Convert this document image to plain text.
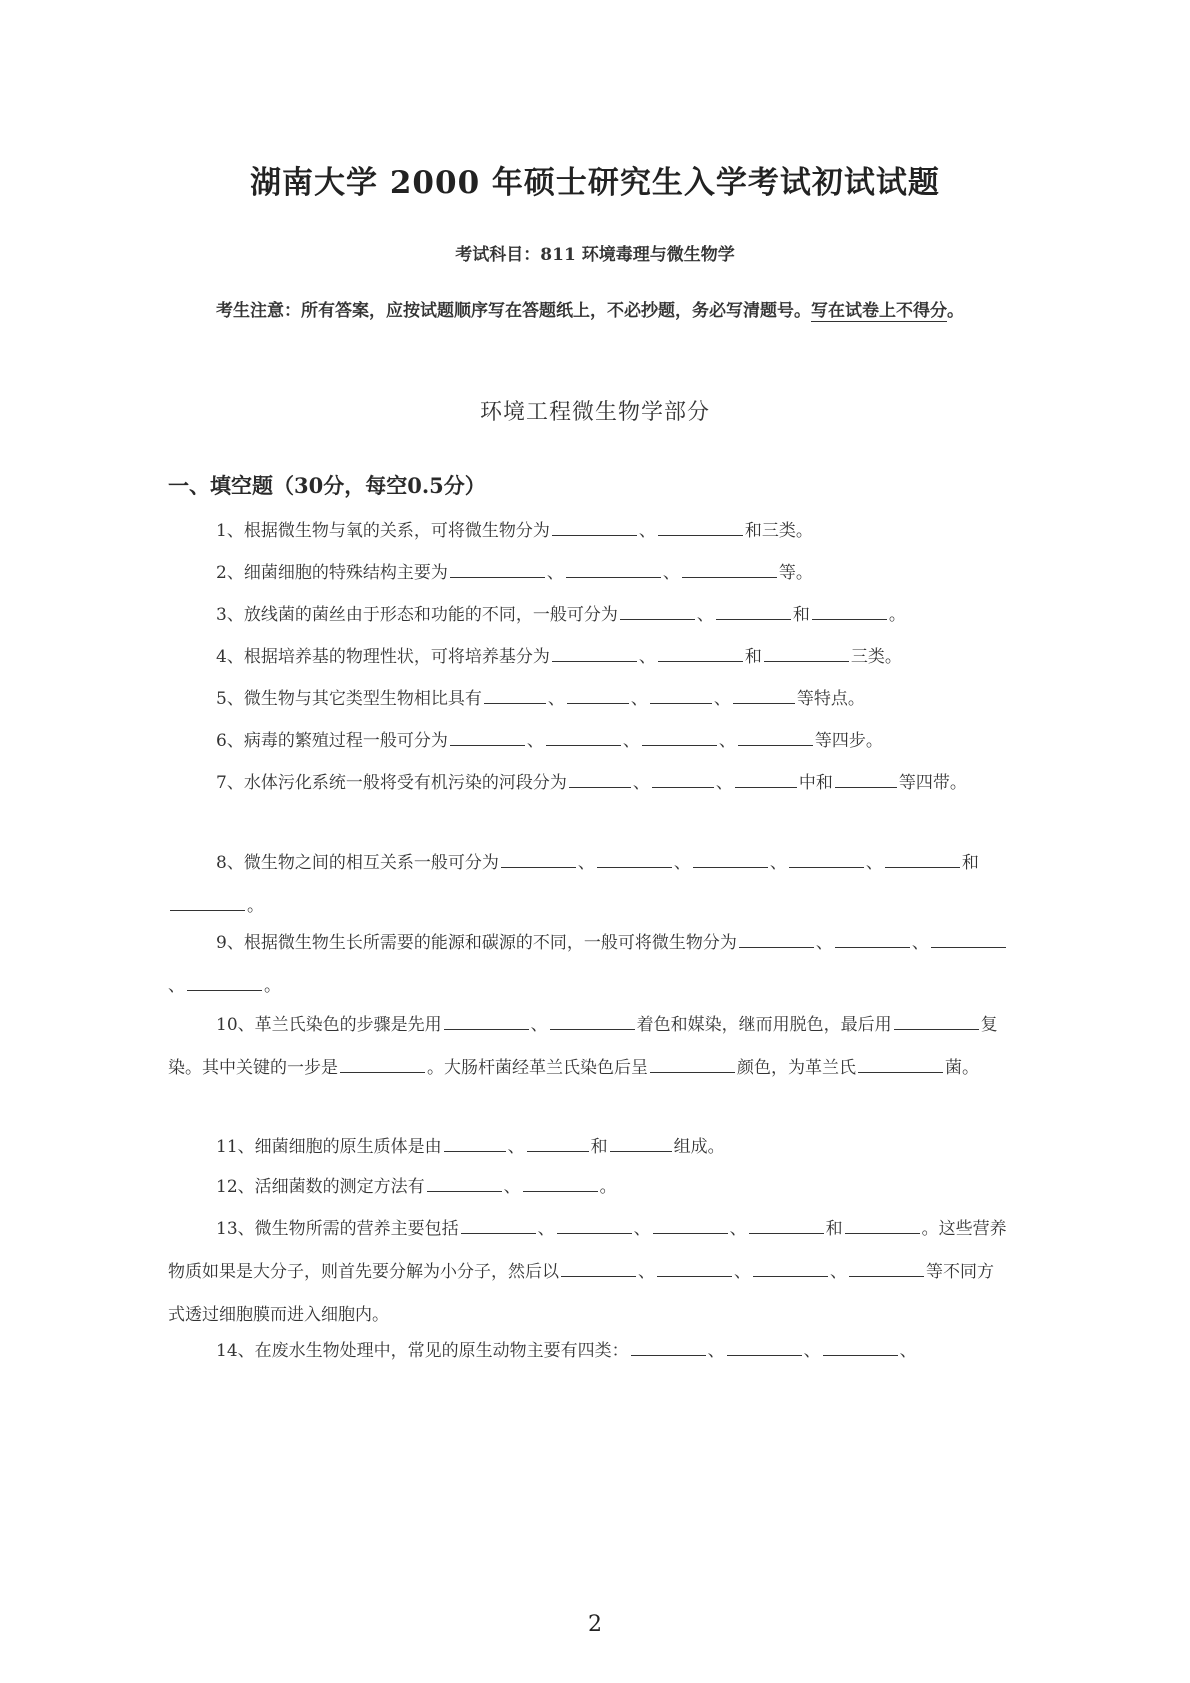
湖南大学 2000 年硕士研究生入学考试初试试题
考试科目：811 环境毒理与微生物学
考生注意：所有答案，应按试题顺序写在答题纸上，不必抄题，务必写清题号。写在试卷上不得分。
环境工程微生物学部分
一、填空题（30分，每空0.5分）
1、根据微生物与氧的关系，可将微生物分为	、	和三类。
2、细菌细胞的特殊结构主要为	、	、	等。
3、放线菌的菌丝由于形态和功能的不同，一般可分为	、	和	。
4、根据培养基的物理性状，可将培养基分为	、	和	三类。
5、微生物与其它类型生物相比具有	、	、	、	等特点。
6、病毒的繁殖过程一般可分为	、	、	、	等四步。
7、水体污化系统一般将受有机污染的河段分为	、	、	中和	等四带。
8、微生物之间的相互关系一般可分为	、	、	、	、	和。
9、根据微生物生长所需要的能源和碳源的不同，一般可将微生物分为	、	、、	。
10、革兰氏染色的步骤是先用	、	着色和媒染，继而用脱色，最后用	复染。其中关键的一步是	。大肠杆菌经革兰氏染色后呈	颜色，为革兰氏	菌。
11、细菌细胞的原生质体是由	、	和	组成。
12、活细菌数的测定方法有	、	。
13、微生物所需的营养主要包括	、	、	、	和	。这些营养物质如果是大分子，则首先要分解为小分子，然后以	、	、	、	等不同方式透过细胞膜而进入细胞内。
14、在废水生物处理中，常见的原生动物主要有四类：	、	、	、
2
